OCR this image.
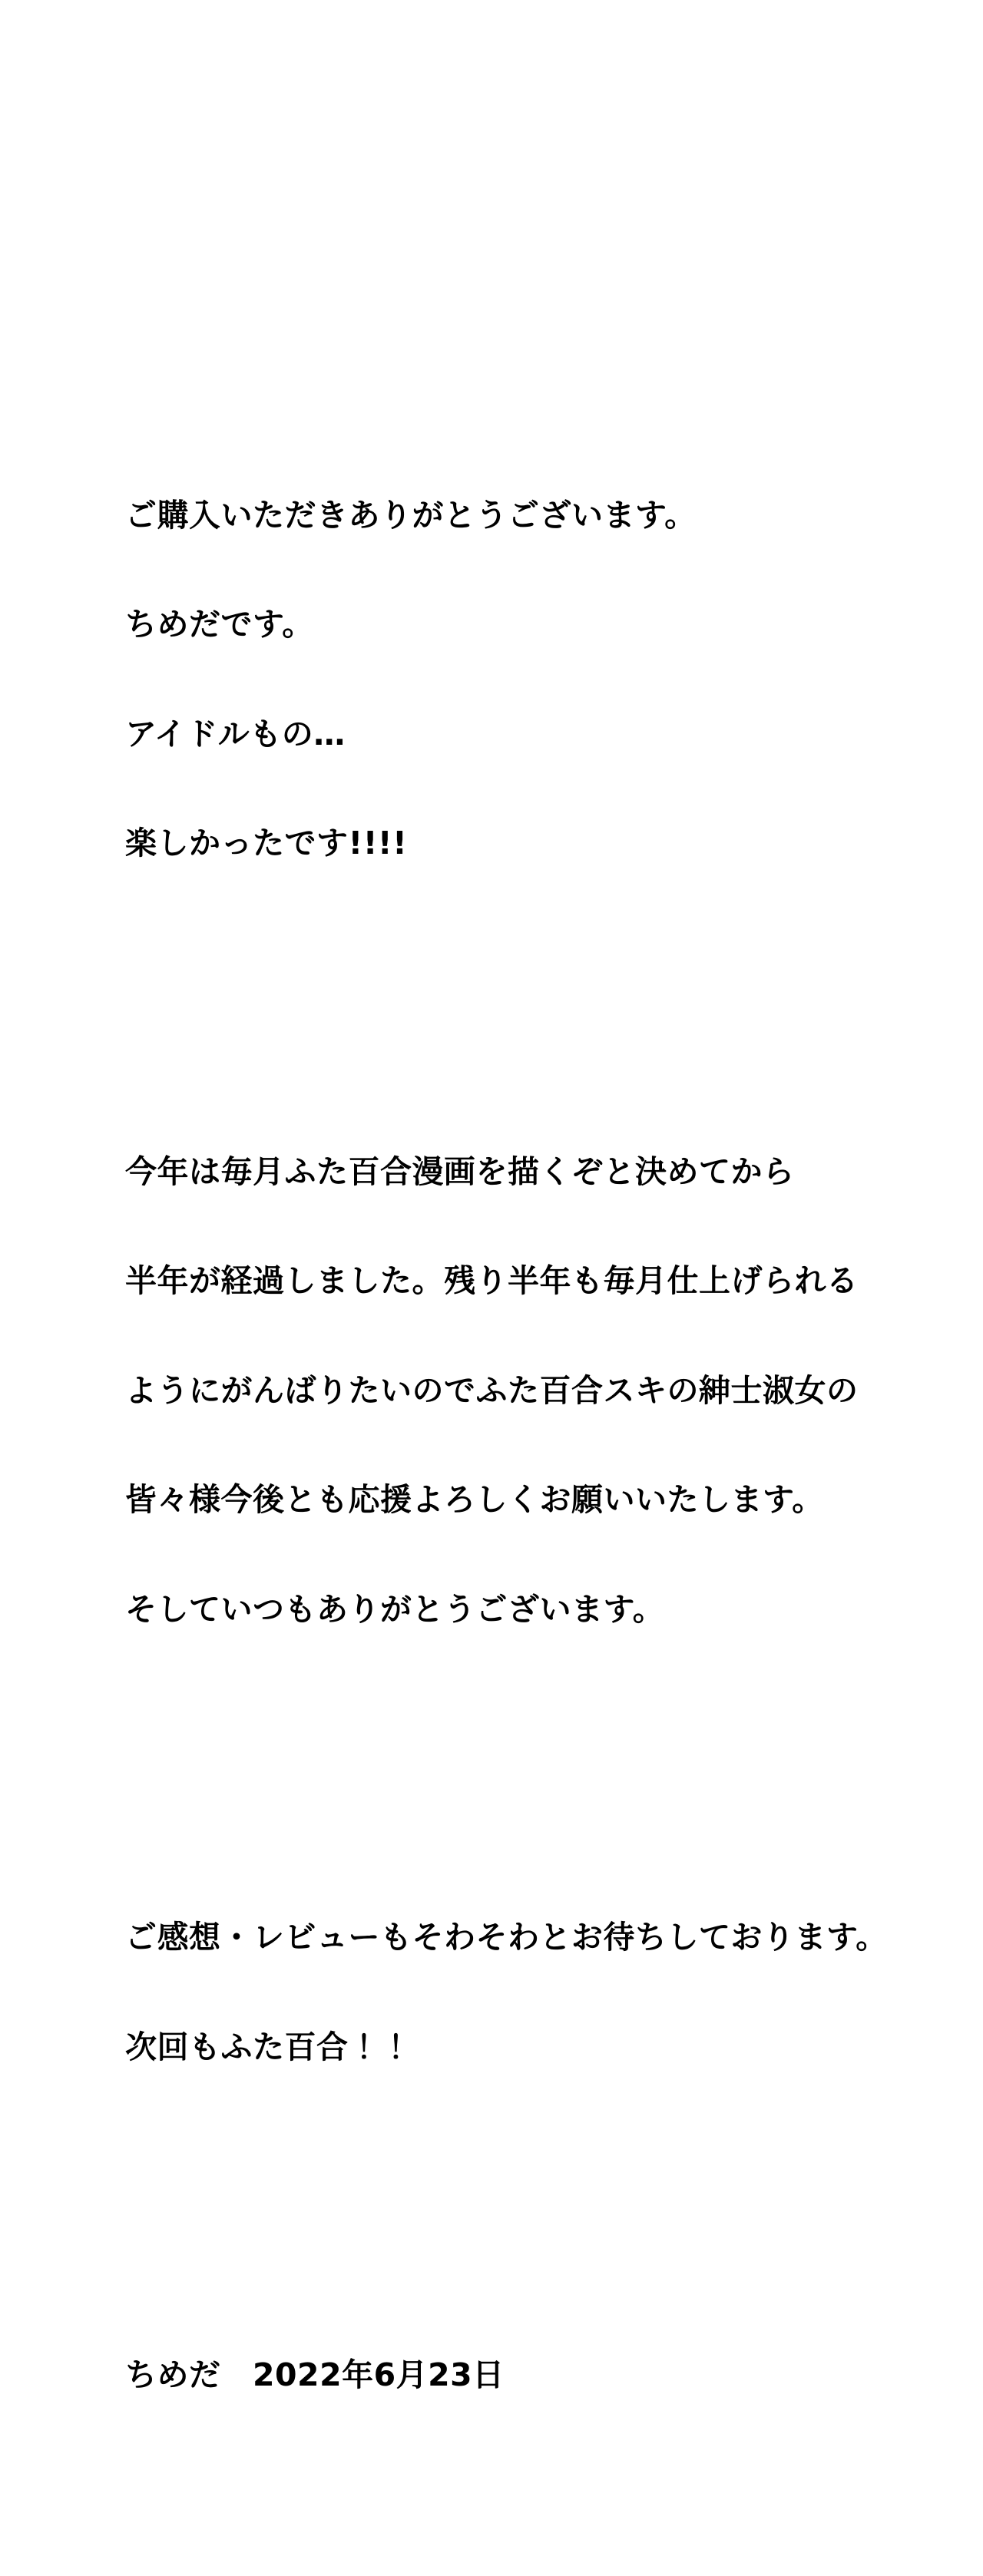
ご購入いただきありがとうございます。

ちめだです。

アイドルもの…

楽しかったです!!!!

今年は毎月ふた百合漫画を描くぞと決めてから

半年が経過しました。残り半年も毎月仕上げられる

ようにがんばりたいのでふた百合スキの紳士淑女の

皆々様今後とも応援よろしくお願いいたします。

そしていつもありがとうございます。

ご感想・レビューもそわそわとお待ちしております。

次回もふた百合！！

ちめだ　2022年6月23日
